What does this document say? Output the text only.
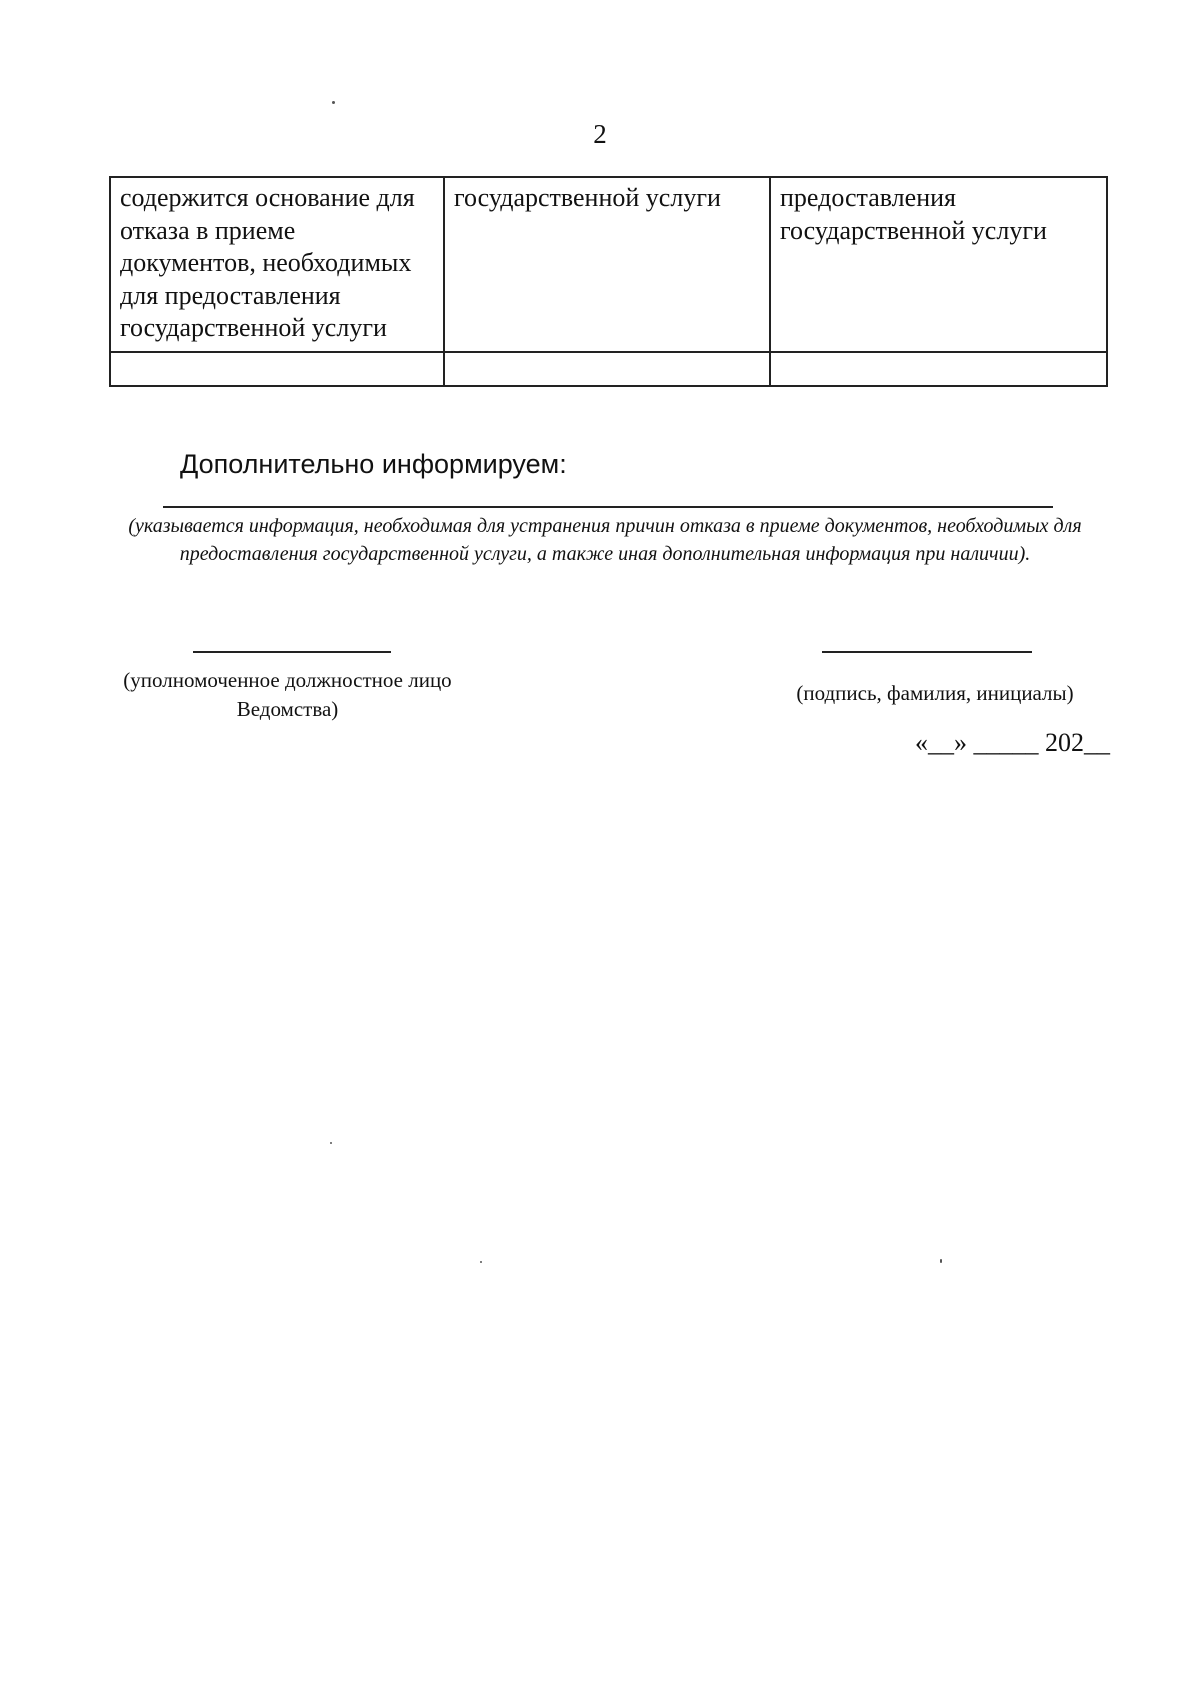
2
содержится основание для отказа в приеме документов, необходимых для предоставления государственной услуги	государственной услуги	предоставления государственной услуги

Дополнительно информируем:
(указывается информация, необходимая для устранения причин отказа в приеме документов, необходимых для предоставления государственной услуги, а также иная дополнительная информация при наличии).
(уполномоченное должностное лицо Ведомства)
(подпись, фамилия, инициалы)
«__» _____ 202__
